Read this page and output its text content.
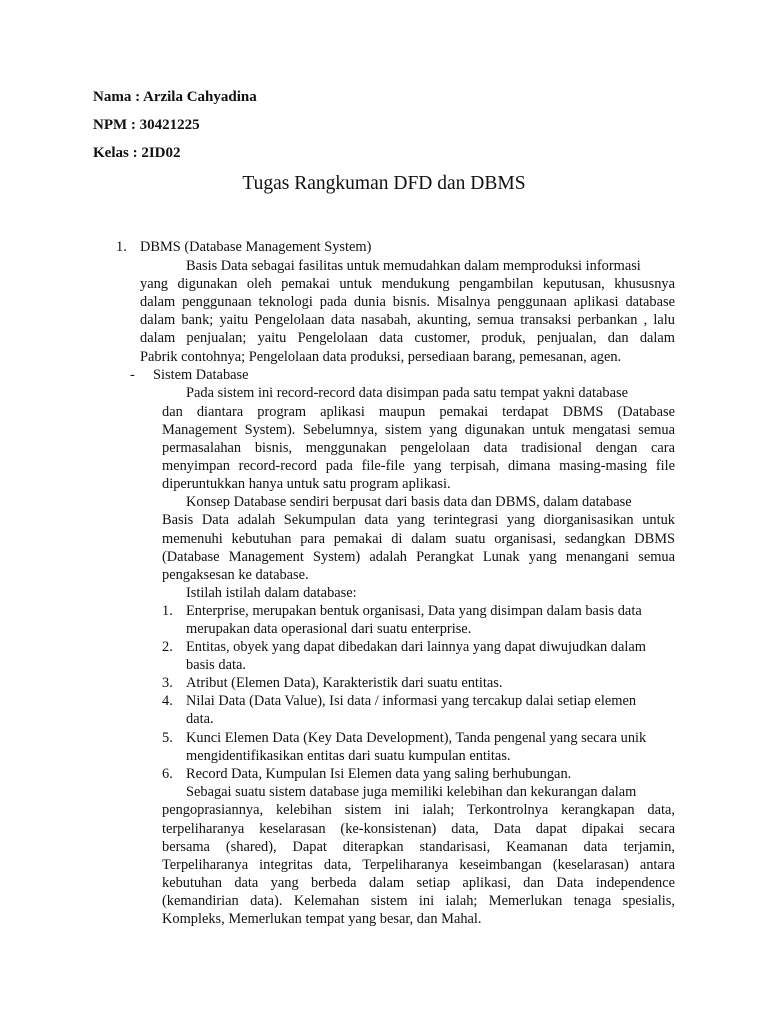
Nama : Arzila Cahyadina
NPM : 30421225
Kelas : 2ID02
Tugas Rangkuman DFD dan DBMS
1. DBMS (Database Management System)
Basis Data sebagai fasilitas untuk memudahkan dalam memproduksi informasi
yang digunakan oleh pemakai untuk mendukung pengambilan keputusan, khususnya
dalam penggunaan teknologi pada dunia bisnis. Misalnya penggunaan aplikasi database
dalam bank; yaitu Pengelolaan data nasabah, akunting, semua transaksi perbankan , lalu
dalam penjualan; yaitu Pengelolaan data customer, produk, penjualan, dan dalam
Pabrik contohnya; Pengelolaan data produksi, persediaan barang, pemesanan, agen.
- Sistem Database
Pada sistem ini record-record data disimpan pada satu tempat yakni database
dan diantara program aplikasi maupun pemakai terdapat DBMS (Database
Management System). Sebelumnya, sistem yang digunakan untuk mengatasi semua
permasalahan bisnis, menggunakan pengelolaan data tradisional dengan cara
menyimpan record-record pada file-file yang terpisah, dimana masing-masing file
diperuntukkan hanya untuk satu program aplikasi.
Konsep Database sendiri berpusat dari basis data dan DBMS, dalam database
Basis Data adalah Sekumpulan data yang terintegrasi yang diorganisasikan untuk
memenuhi kebutuhan para pemakai di dalam suatu organisasi, sedangkan DBMS
(Database Management System) adalah Perangkat Lunak yang menangani semua
pengaksesan ke database.
Istilah istilah dalam database:
1. Enterprise, merupakan bentuk organisasi, Data yang disimpan dalam basis data
merupakan data operasional dari suatu enterprise.
2. Entitas, obyek yang dapat dibedakan dari lainnya yang dapat diwujudkan dalam
basis data.
3. Atribut (Elemen Data), Karakteristik dari suatu entitas.
4. Nilai Data (Data Value), Isi data / informasi yang tercakup dalai setiap elemen
data.
5. Kunci Elemen Data (Key Data Development), Tanda pengenal yang secara unik
mengidentifikasikan entitas dari suatu kumpulan entitas.
6. Record Data, Kumpulan Isi Elemen data yang saling berhubungan.
Sebagai suatu sistem database juga memiliki kelebihan dan kekurangan dalam
pengoprasiannya, kelebihan sistem ini ialah; Terkontrolnya kerangkapan data,
terpeliharanya keselarasan (ke-konsistenan) data, Data dapat dipakai secara
bersama (shared), Dapat diterapkan standarisasi, Keamanan data terjamin,
Terpeliharanya integritas data, Terpeliharanya keseimbangan (keselarasan) antara
kebutuhan data yang berbeda dalam setiap aplikasi, dan Data independence
(kemandirian data). Kelemahan sistem ini ialah; Memerlukan tenaga spesialis,
Kompleks, Memerlukan tempat yang besar, dan Mahal.
